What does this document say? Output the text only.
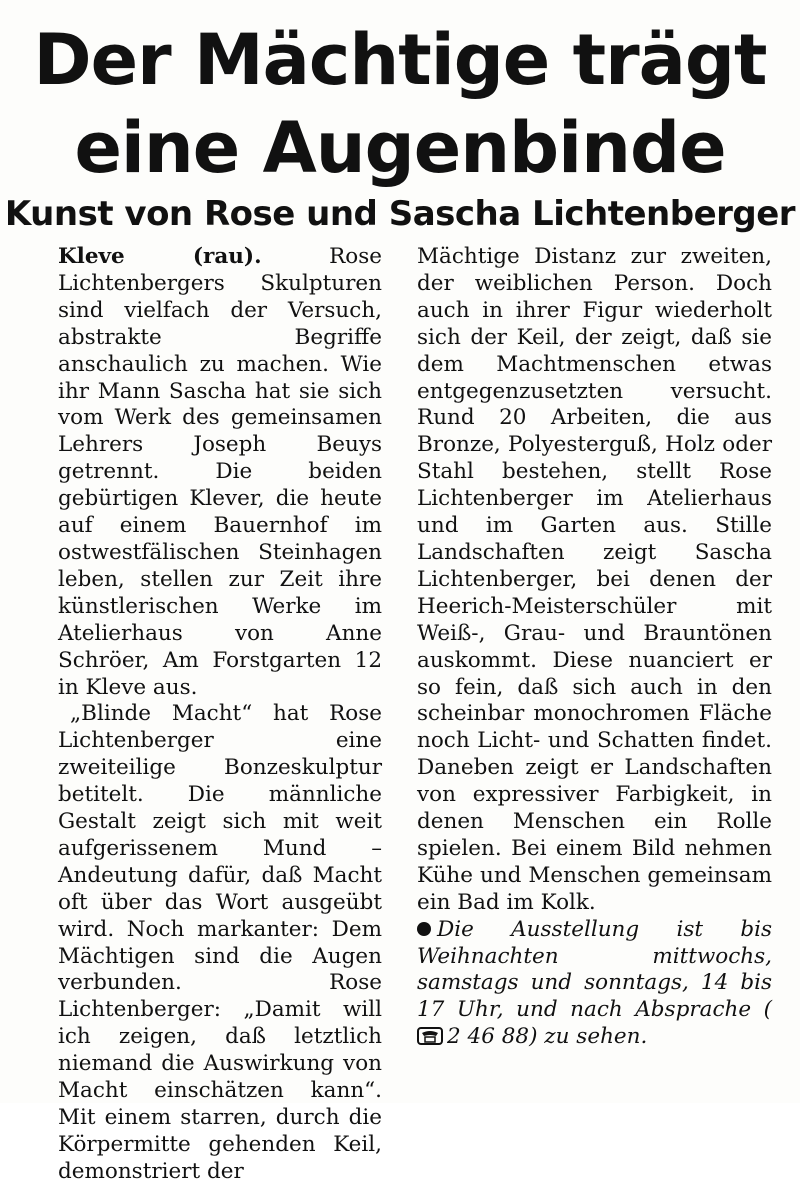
Der Mächtige trägt
eine Augenbinde
Kunst von Rose und Sascha Lichtenberger

Kleve (rau). Rose Lichtenbergers Skulpturen sind vielfach der Versuch, abstrakte Begriffe anschaulich zu machen. Wie ihr Mann Sascha hat sie sich vom Werk des gemeinsamen Lehrers Joseph Beuys getrennt. Die beiden gebürtigen Klever, die heute auf einem Bauernhof im ostwestfälischen Steinhagen leben, stellen zur Zeit ihre künstlerischen Werke im Atelierhaus von Anne Schröer, Am Forstgarten 12 in Kleve aus.

„Blinde Macht“ hat Rose Lichtenberger eine zweiteilige Bonzeskulptur betitelt. Die männliche Gestalt zeigt sich mit weit aufgerissenem Mund – Andeutung dafür, daß Macht oft über das Wort ausgeübt wird. Noch markanter: Dem Mächtigen sind die Augen verbunden. Rose Lichtenberger: „Damit will ich zeigen, daß letztlich niemand die Auswirkung von Macht einschätzen kann“. Mit einem starren, durch die Körpermitte gehenden Keil, demonstriert der

Mächtige Distanz zur zweiten, der weiblichen Person. Doch auch in ihrer Figur wiederholt sich der Keil, der zeigt, daß sie dem Machtmenschen etwas entgegenzusetzten versucht. Rund 20 Arbeiten, die aus Bronze, Polyesterguß, Holz oder Stahl bestehen, stellt Rose Lichtenberger im Atelierhaus und im Garten aus. Stille Landschaften zeigt Sascha Lichtenberger, bei denen der Heerich-Meisterschüler mit Weiß-, Grau- und Brauntönen auskommt. Diese nuanciert er so fein, daß sich auch in den scheinbar monochromen Fläche noch Licht- und Schatten findet. Daneben zeigt er Landschaften von expressiver Farbigkeit, in denen Menschen ein Rolle spielen. Bei einem Bild nehmen Kühe und Menschen gemeinsam ein Bad im Kolk.

Die Ausstellung ist bis Weihnachten mittwochs, samstags und sonntags, 14 bis 17 Uhr, und nach Absprache (2 46 88) zu sehen.
